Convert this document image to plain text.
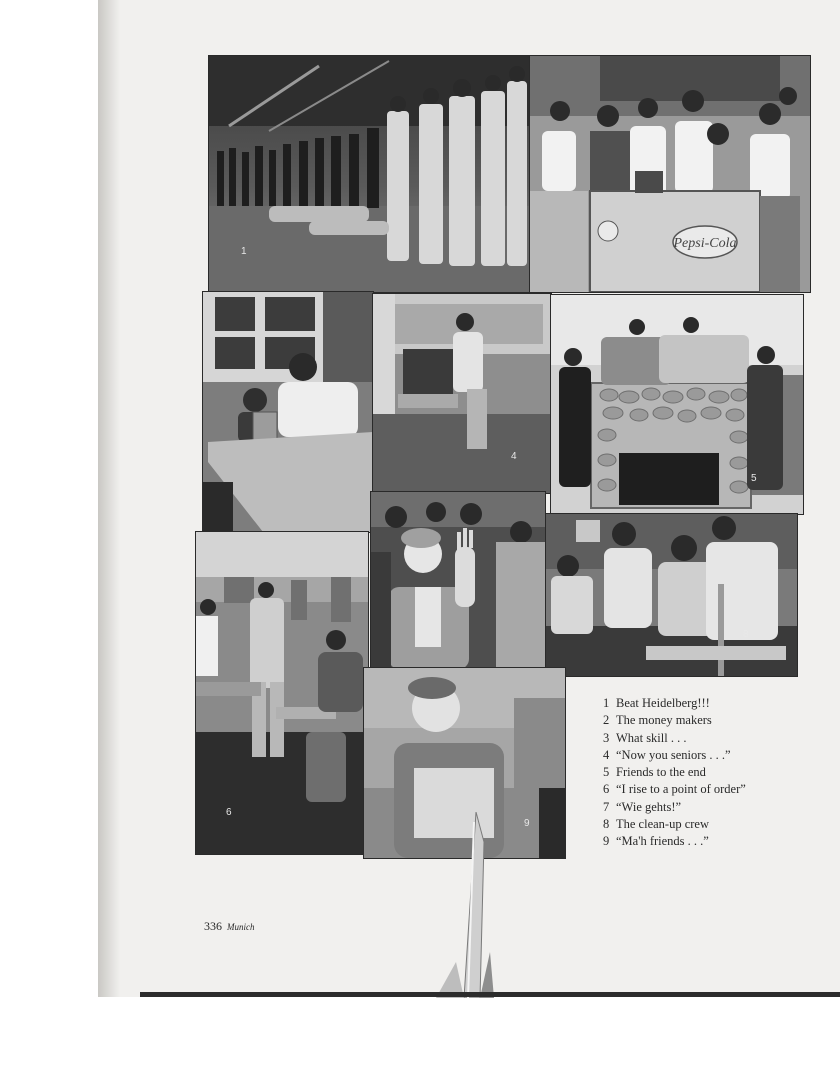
1
Pepsi-Cola
4
5
6
8
9
1 Beat Heidelberg!!!
2 The money makers
3 What skill . . .
4 “Now you seniors . . .”
5 Friends to the end
6 “I rise to a point of order”
7 “Wie gehts!”
8 The clean-up crew
9 “Ma'h friends . . .”
336 Munich
